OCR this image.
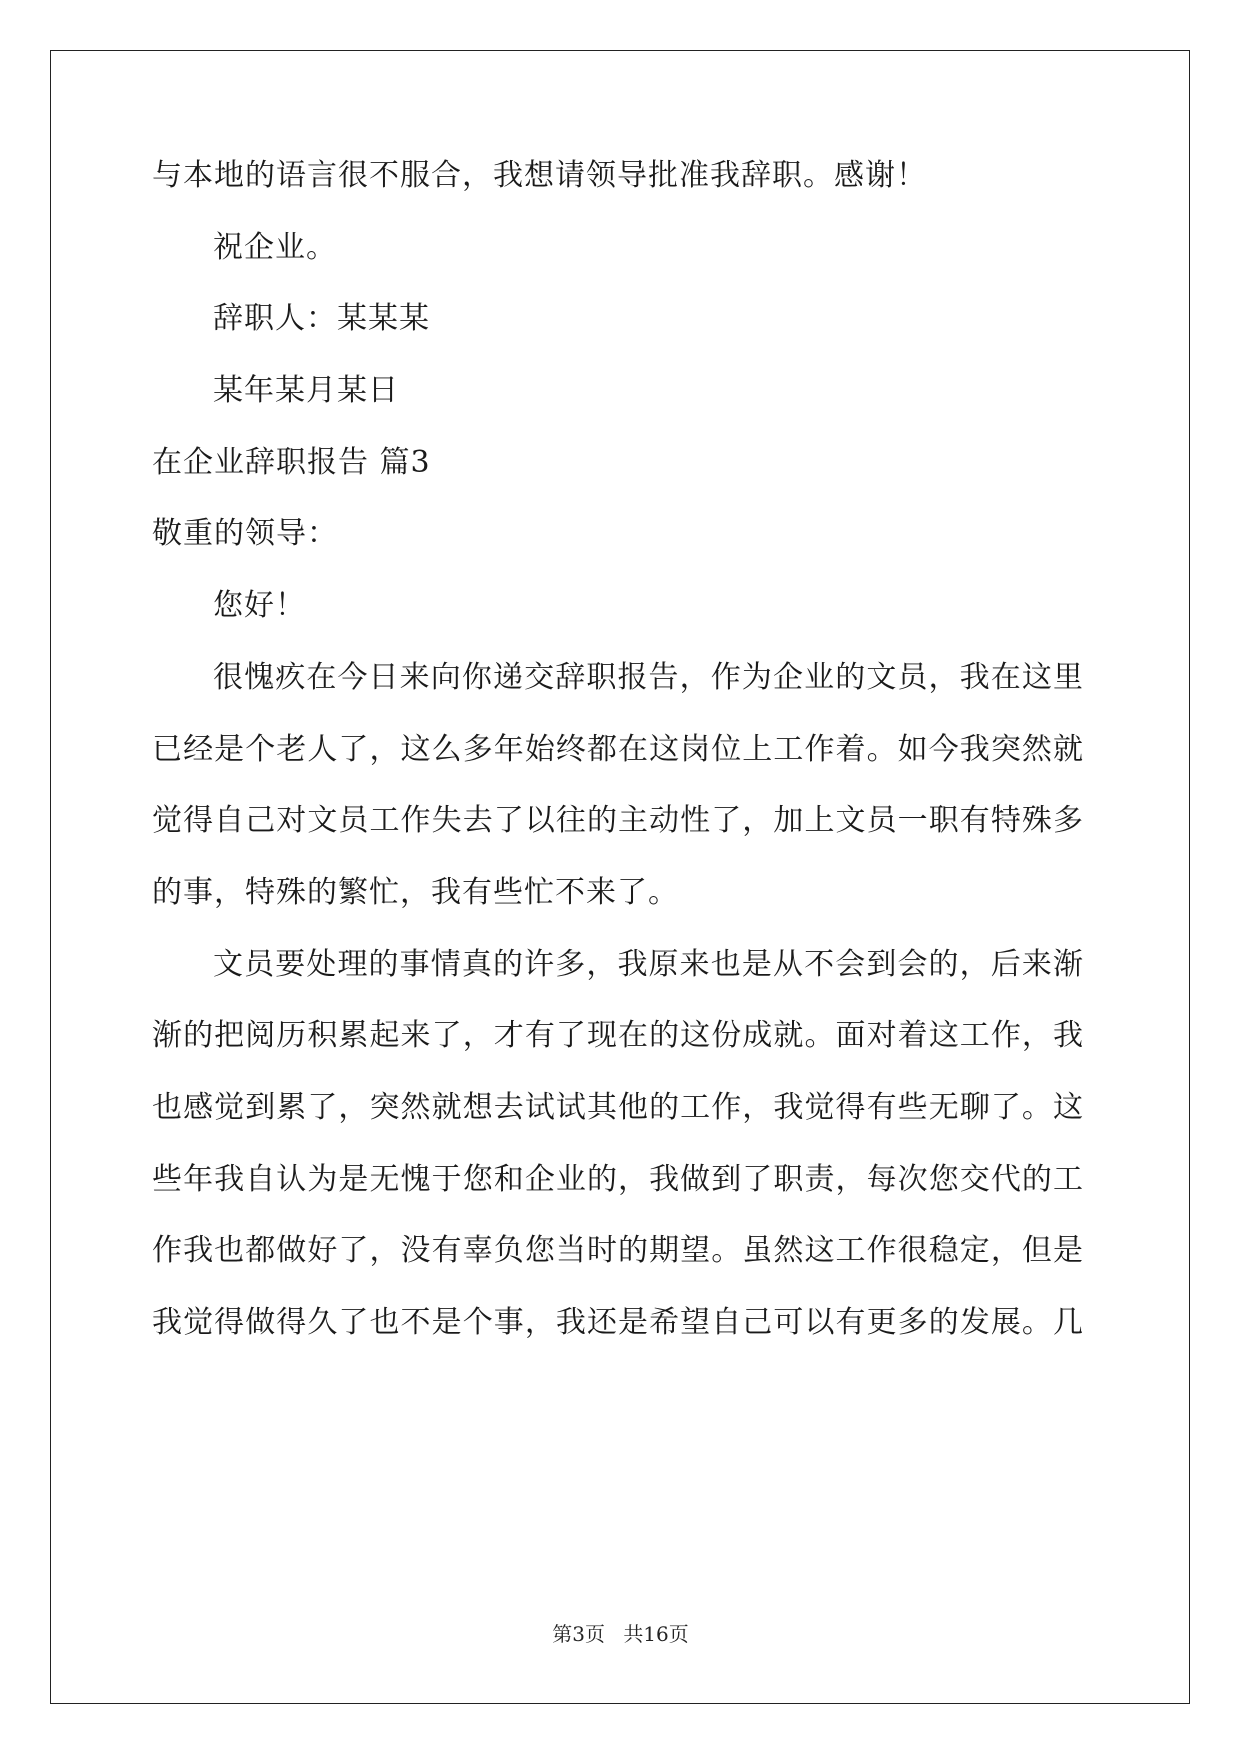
与本地的语言很不服合，我想请领导批准我辞职。感谢！
祝企业。
辞职人：某某某
某年某月某日
在企业辞职报告 篇3
敬重的领导：
您好！
很愧疚在今日来向你递交辞职报告，作为企业的文员，我在这里
已经是个老人了，这么多年始终都在这岗位上工作着。如今我突然就
觉得自己对文员工作失去了以往的主动性了，加上文员一职有特殊多
的事，特殊的繁忙，我有些忙不来了。
文员要处理的事情真的许多，我原来也是从不会到会的，后来渐
渐的把阅历积累起来了，才有了现在的这份成就。面对着这工作，我
也感觉到累了，突然就想去试试其他的工作，我觉得有些无聊了。这
些年我自认为是无愧于您和企业的，我做到了职责，每次您交代的工
作我也都做好了，没有辜负您当时的期望。虽然这工作很稳定，但是
我觉得做得久了也不是个事，我还是希望自己可以有更多的发展。几
第3页 共16页
